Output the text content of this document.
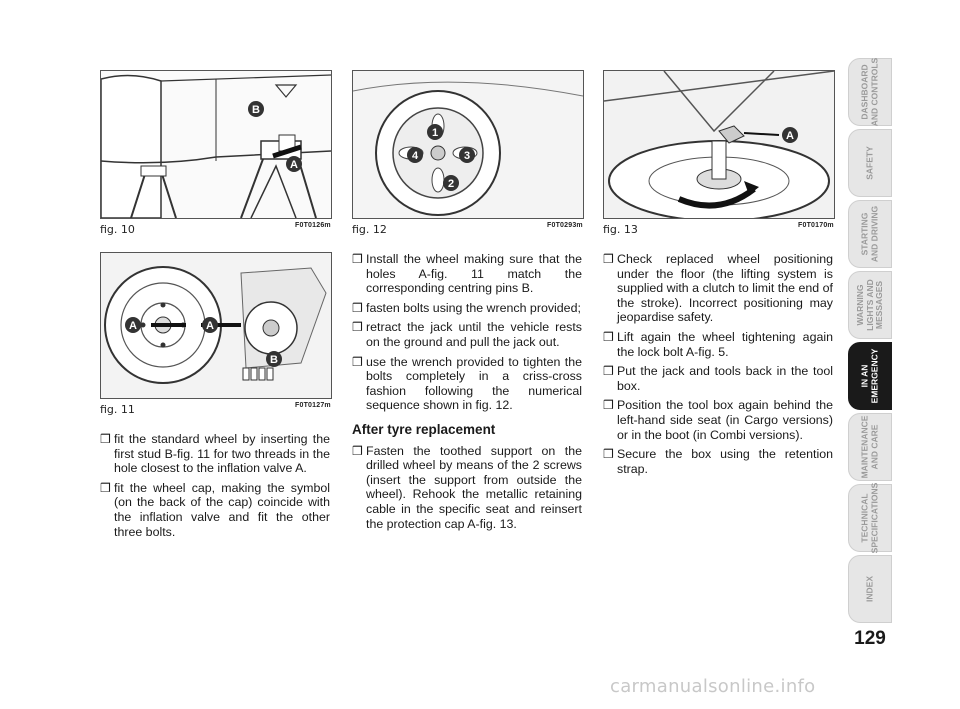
B
A
fig. 10	F0T0126m
A	A
B
fig. 11	F0T0127m
1
2
3
4
fig. 12	F0T0293m
A
fig. 13	F0T0170m

❒ fit the standard wheel by inserting the first stud B-fig. 11 for two threads in the hole closest to the inflation valve A.

❒ fit the wheel cap, making the symbol (on the back of the cap) coincide with the inflation valve and fit the other three bolts.

❒ Install the wheel making sure that the holes A-fig. 11 match the corresponding centring pins B.

❒ fasten bolts using the wrench provided;

❒ retract the jack until the vehicle rests on the ground and pull the jack out.

❒ use the wrench provided to tighten the bolts completely in a criss-cross fashion following the numerical sequence shown in fig. 12.

After tyre replacement

❒ Fasten the toothed support on the drilled wheel by means of the 2 screws (insert the support from outside the wheel). Rehook the metallic retaining cable in the specific seat and reinsert the protection cap A-fig. 13.

❒ Check replaced wheel positioning under the floor (the lifting system is supplied with a clutch to limit the end of the stroke). Incorrect positioning may jeopardise safety.

❒ Lift again the wheel tightening again the lock bolt A-fig. 5.

❒ Put the jack and tools back in the tool box.

❒ Position the tool box again behind the left-hand side seat (in Cargo versions) or in the boot (in Combi versions).

❒ Secure the box using the retention strap.

DASHBOARD
AND CONTROLS
SAFETY
STARTING
AND DRIVING
WARNING
LIGHTS AND
MESSAGES
IN AN
EMERGENCY
MAINTENANCE
AND CARE
TECHNICAL
SPECIFICATIONS
INDEX
129
carmanualsonline.info
